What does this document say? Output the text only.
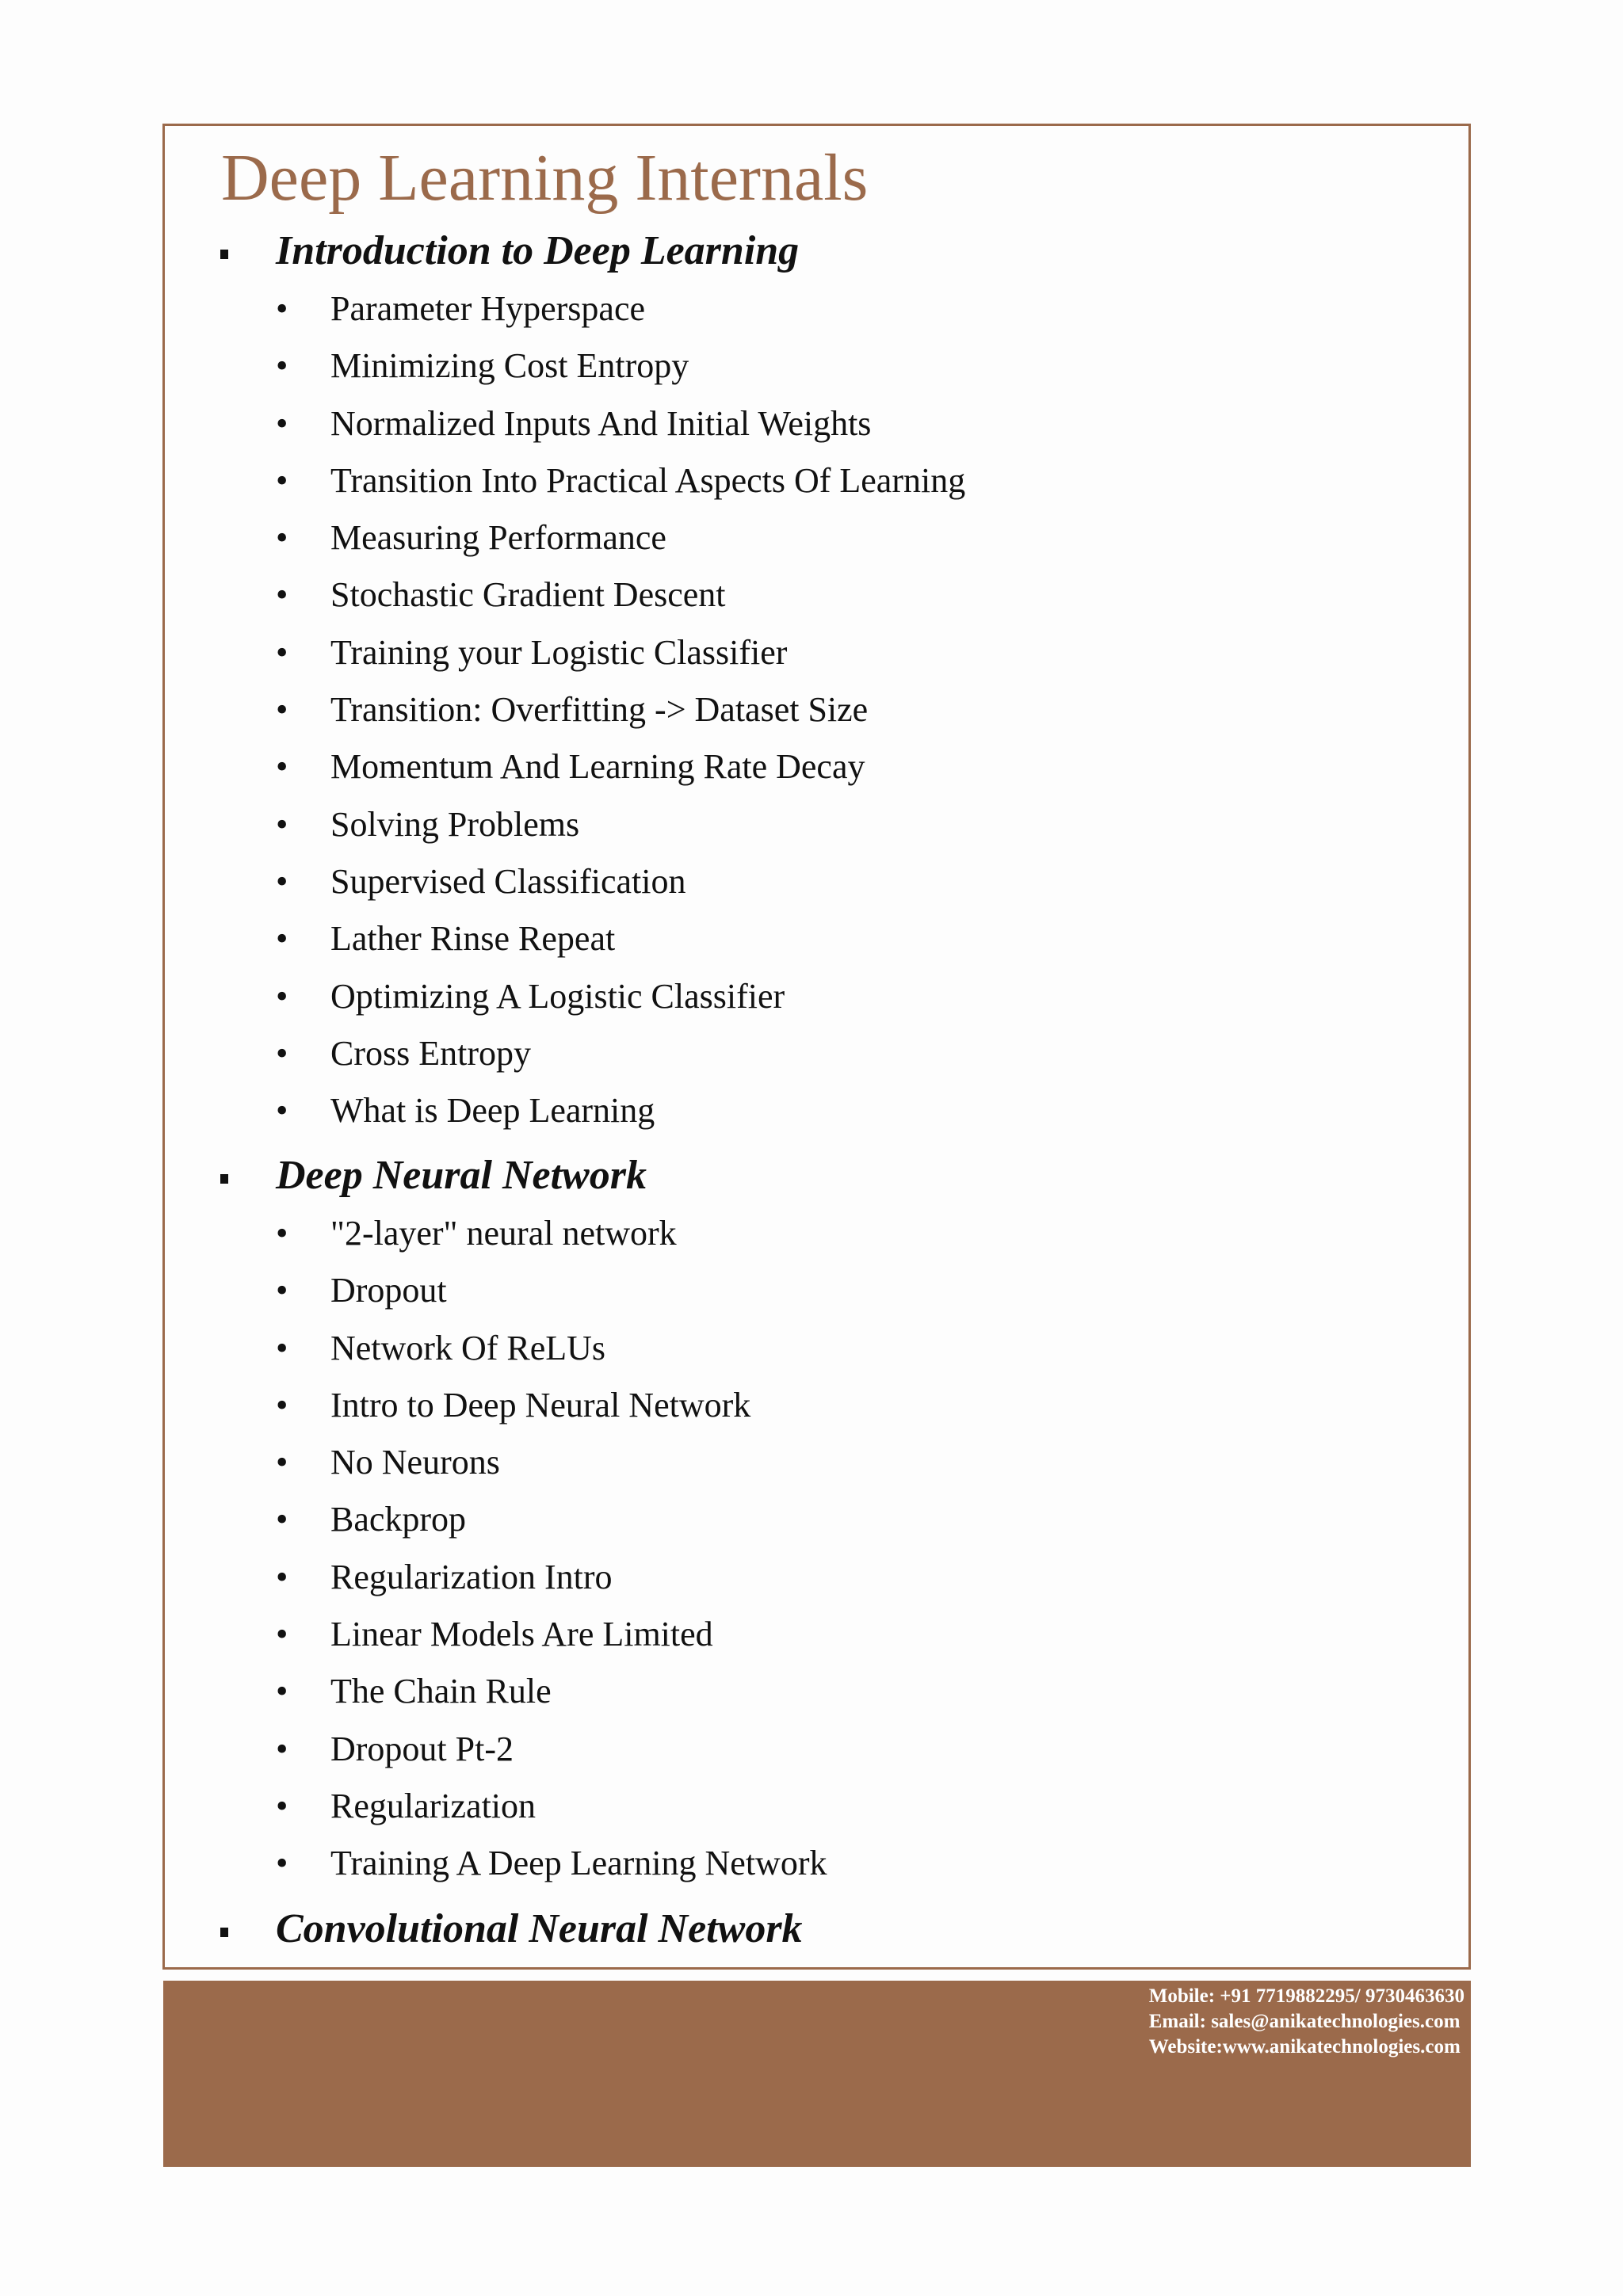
Deep Learning Internals
Introduction to Deep Learning
• Parameter Hyperspace
• Minimizing Cost Entropy
• Normalized Inputs And Initial Weights
• Transition Into Practical Aspects Of Learning
• Measuring Performance
• Stochastic Gradient Descent
• Training your Logistic Classifier
• Transition: Overfitting -> Dataset Size
• Momentum And Learning Rate Decay
• Solving Problems
• Supervised Classification
• Lather Rinse Repeat
• Optimizing A Logistic Classifier
• Cross Entropy
• What is Deep Learning
Deep Neural Network
• "2-layer" neural network
• Dropout
• Network Of ReLUs
• Intro to Deep Neural Network
• No Neurons
• Backprop
• Regularization Intro
• Linear Models Are Limited
• The Chain Rule
• Dropout Pt-2
• Regularization
• Training A Deep Learning Network
Convolutional Neural Network
Mobile: +91 7719882295/ 9730463630
Email: sales@anikatechnologies.com
Website:www.anikatechnologies.com
